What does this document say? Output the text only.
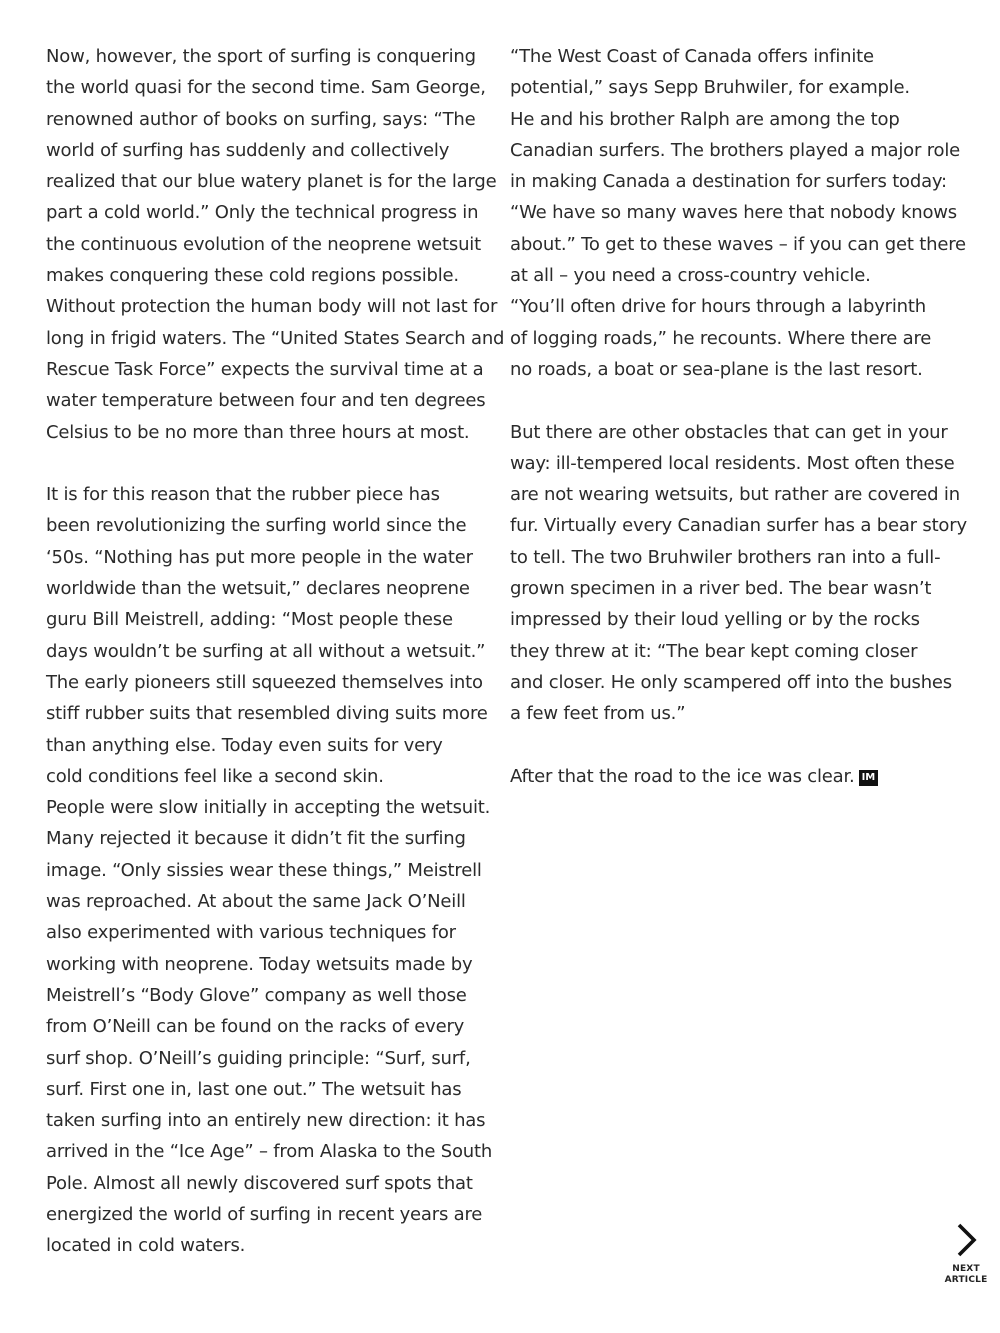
Now, however, the sport of surfing is conquering
the world quasi for the second time. Sam George,
renowned author of books on surfing, says: “The
world of surfing has suddenly and collectively
realized that our blue watery planet is for the large
part a cold world.” Only the technical progress in
the continuous evolution of the neoprene wetsuit
makes conquering these cold regions possible.
Without protection the human body will not last for
long in frigid waters. The “United States Search and
Rescue Task Force” expects the survival time at a
water temperature between four and ten degrees
Celsius to be no more than three hours at most.
It is for this reason that the rubber piece has
been revolutionizing the surfing world since the
‘50s. “Nothing has put more people in the water
worldwide than the wetsuit,” declares neoprene
guru Bill Meistrell, adding: “Most people these
days wouldn’t be surfing at all without a wetsuit.”
The early pioneers still squeezed themselves into
stiff rubber suits that resembled diving suits more
than anything else. Today even suits for very
cold conditions feel like a second skin.
People were slow initially in accepting the wetsuit.
Many rejected it because it didn’t fit the surfing
image. “Only sissies wear these things,” Meistrell
was reproached. At about the same Jack O’Neill
also experimented with various techniques for
working with neoprene. Today wetsuits made by
Meistrell’s “Body Glove” company as well those
from O’Neill can be found on the racks of every
surf shop. O’Neill’s guiding principle: “Surf, surf,
surf. First one in, last one out.” The wetsuit has
taken surfing into an entirely new direction: it has
arrived in the “Ice Age” – from Alaska to the South
Pole. Almost all newly discovered surf spots that
energized the world of surfing in recent years are
located in cold waters.
“The West Coast of Canada offers infinite
potential,” says Sepp Bruhwiler, for example.
He and his brother Ralph are among the top
Canadian surfers. The brothers played a major role
in making Canada a destination for surfers today:
“We have so many waves here that nobody knows
about.” To get to these waves – if you can get there
at all – you need a cross-country vehicle.
“You’ll often drive for hours through a labyrinth
of logging roads,” he recounts. Where there are
no roads, a boat or sea-plane is the last resort.
But there are other obstacles that can get in your
way: ill-tempered local residents. Most often these
are not wearing wetsuits, but rather are covered in
fur. Virtually every Canadian surfer has a bear story
to tell. The two Bruhwiler brothers ran into a full-
grown specimen in a river bed. The bear wasn’t
impressed by their loud yelling or by the rocks
they threw at it: “The bear kept coming closer
and closer. He only scampered off into the bushes
a few feet from us.”
After that the road to the ice was clear. IM
NEXT
ARTICLE
